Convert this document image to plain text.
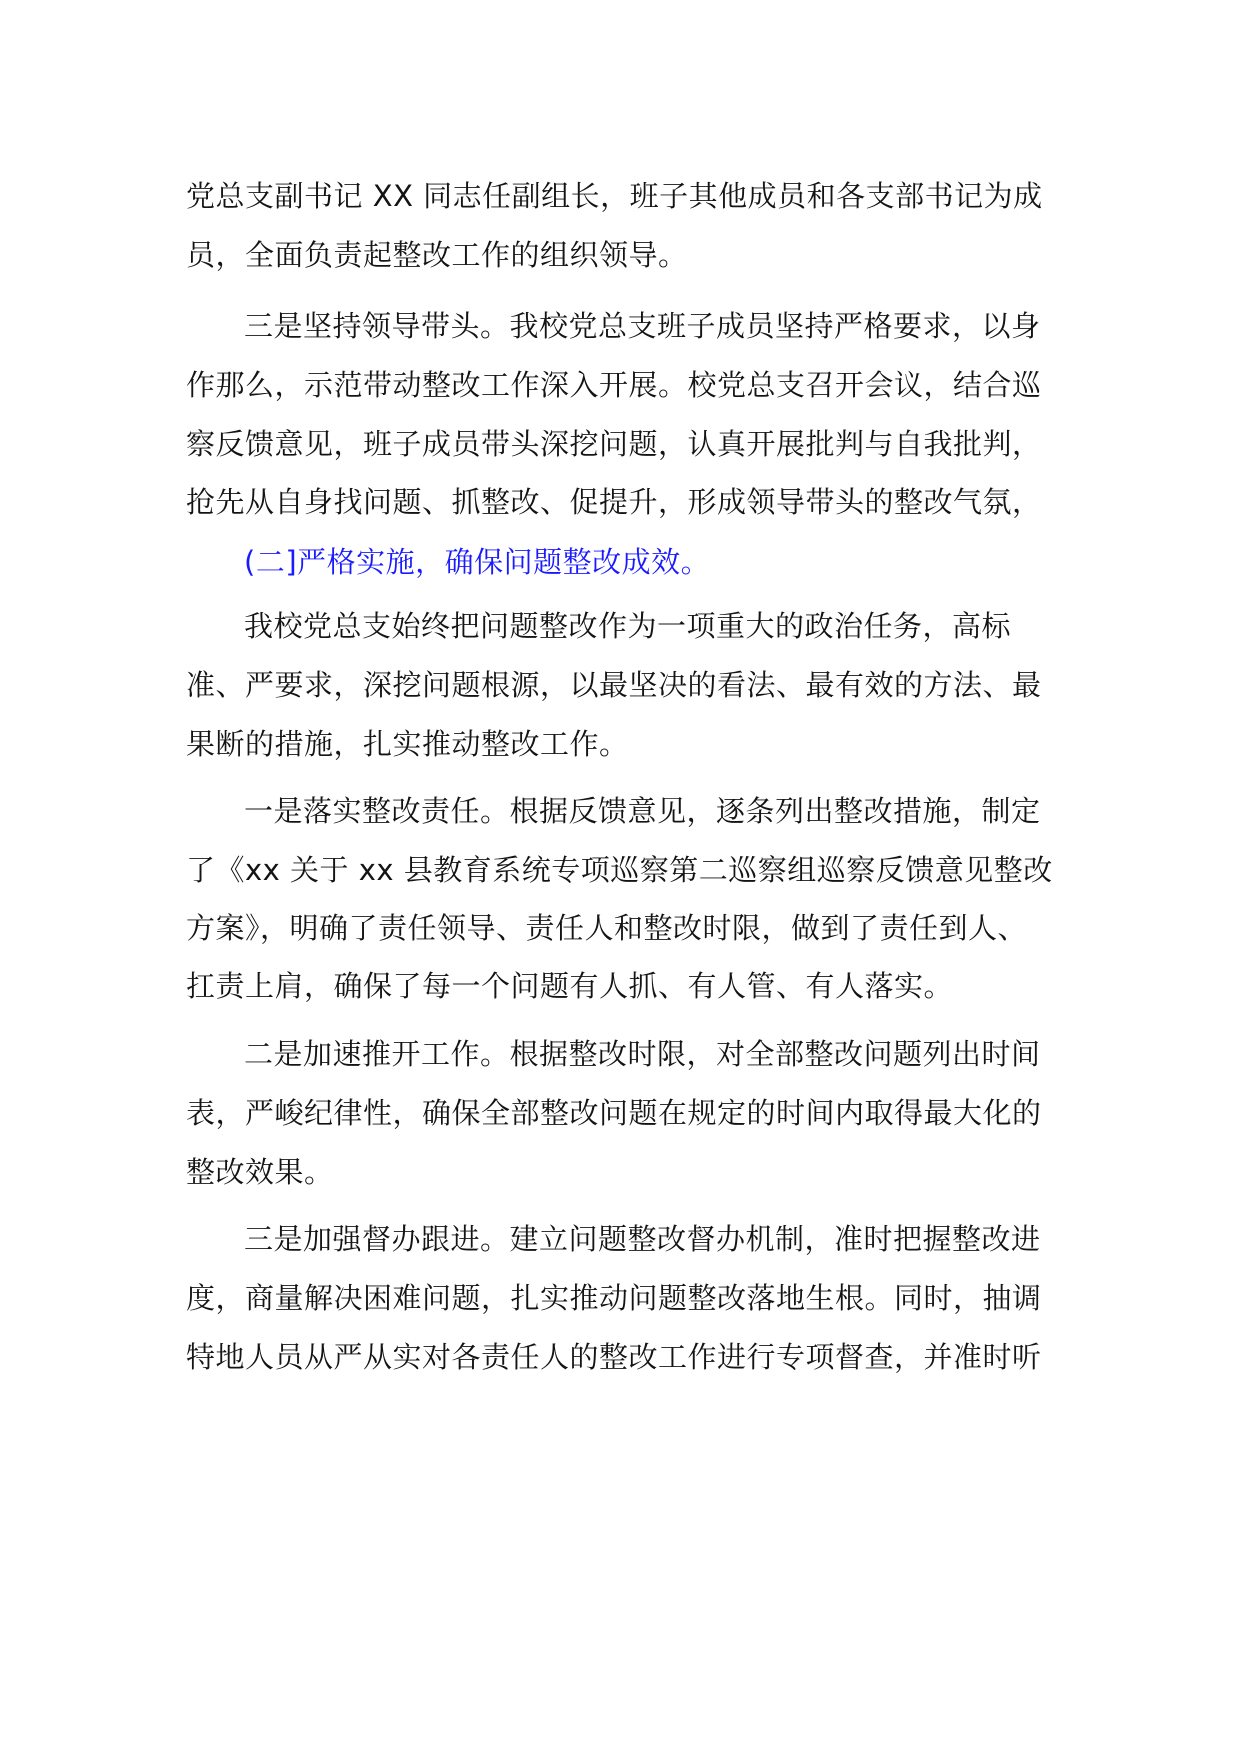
党总支副书记 XX 同志任副组长，班子其他成员和各支部书记为成
员，全面负责起整改工作的组织领导。
三是坚持领导带头。我校党总支班子成员坚持严格要求，以身
作那么，示范带动整改工作深入开展。校党总支召开会议，结合巡
察反馈意见，班子成员带头深挖问题，认真开展批判与自我批判，
抢先从自身找问题、抓整改、促提升，形成领导带头的整改气氛，
(二]严格实施，确保问题整改成效。
我校党总支始终把问题整改作为一项重大的政治任务，高标
准、严要求，深挖问题根源，以最坚决的看法、最有效的方法、最
果断的措施，扎实推动整改工作。
一是落实整改责任。根据反馈意见，逐条列出整改措施，制定
了《xx 关于 xx 县教育系统专项巡察第二巡察组巡察反馈意见整改
方案》，明确了责任领导、责任人和整改时限，做到了责任到人、
扛责上肩，确保了每一个问题有人抓、有人管、有人落实。
二是加速推开工作。根据整改时限，对全部整改问题列出时间
表，严峻纪律性，确保全部整改问题在规定的时间内取得最大化的
整改效果。
三是加强督办跟进。建立问题整改督办机制，准时把握整改进
度，商量解决困难问题，扎实推动问题整改落地生根。同时，抽调
特地人员从严从实对各责任人的整改工作进行专项督查，并准时听
